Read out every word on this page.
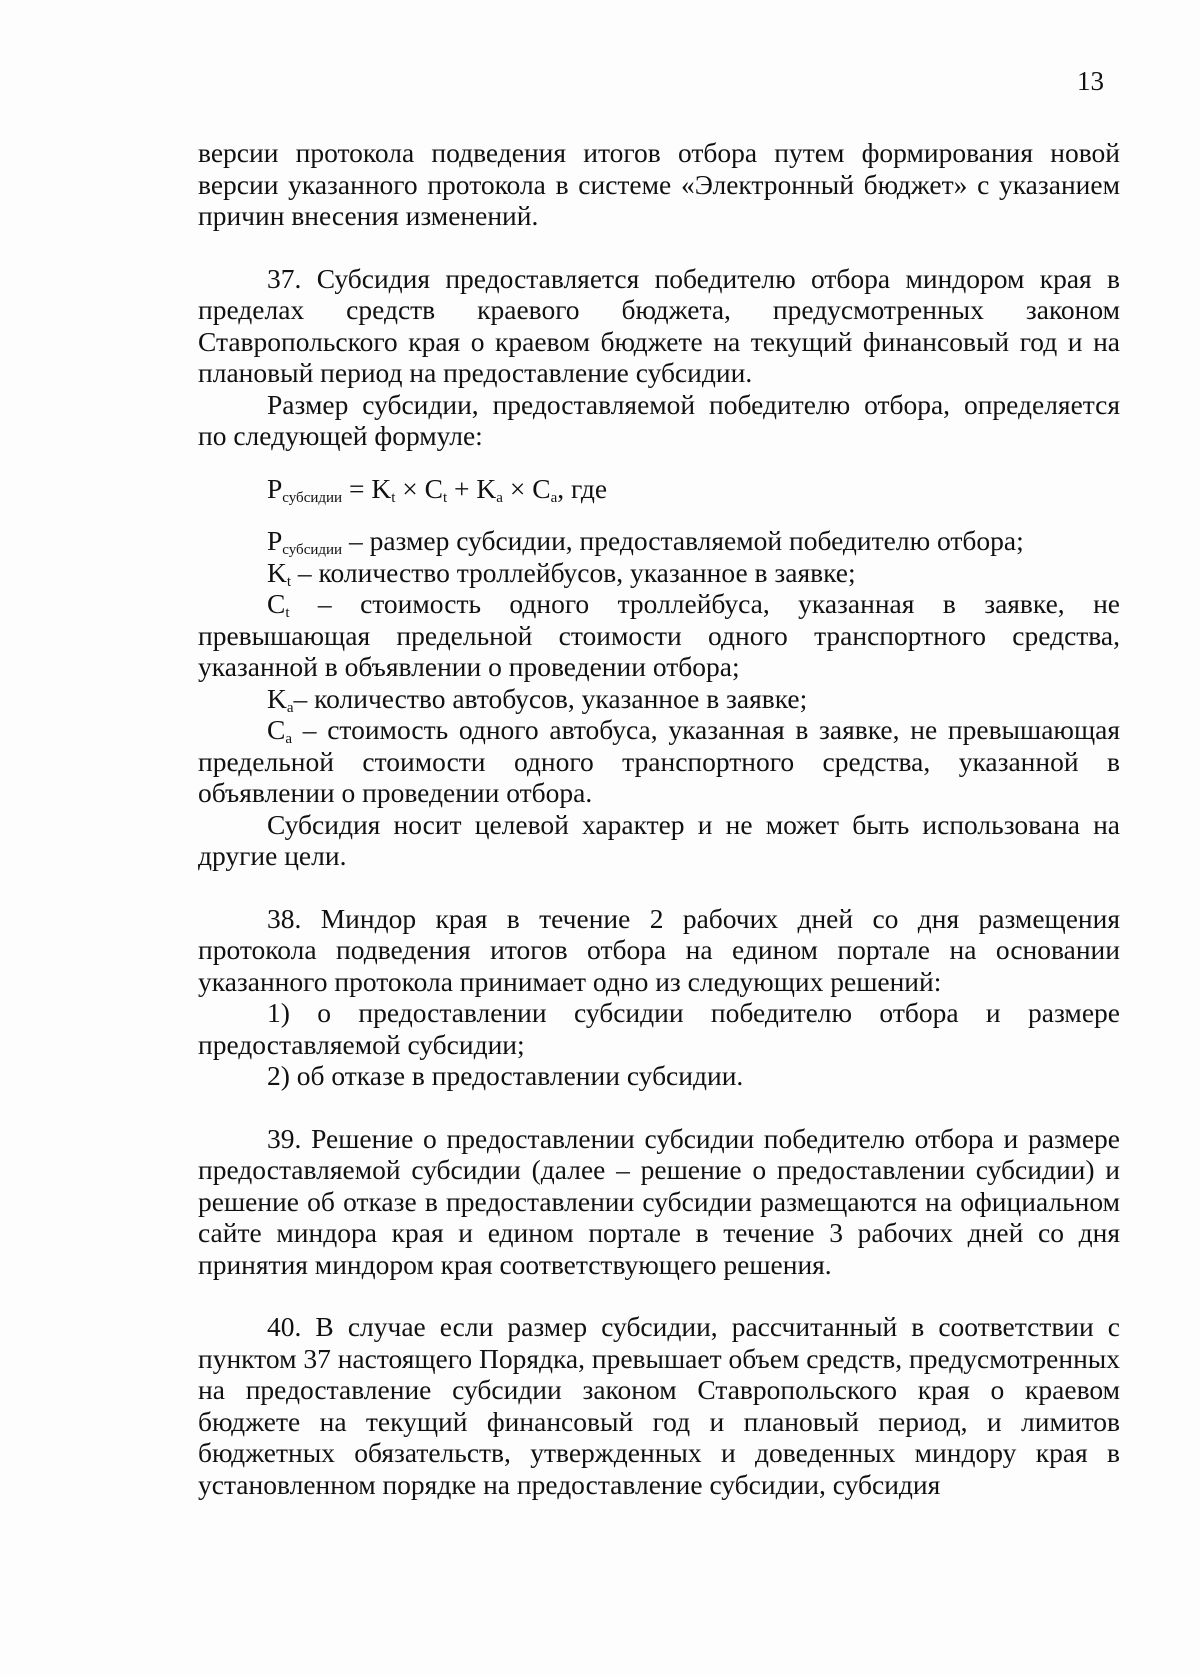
13

версии протокола подведения итогов отбора путем формирования новой версии указанного протокола в системе «Электронный бюджет» с указанием причин внесения изменений.

37. Субсидия предоставляется победителю отбора миндором края в пределах средств краевого бюджета, предусмотренных законом Ставропольского края о краевом бюджете на текущий финансовый год и на плановый период на предоставление субсидии.

Размер субсидии, предоставляемой победителю отбора, определяется по следующей формуле:

$P_{субсидии} = K_t \times C_t + K_a \times C_a$, где

$P_{субсидии}$ – размер субсидии, предоставляемой победителю отбора;

$K_t$ – количество троллейбусов, указанное в заявке;

$C_t$ – стоимость одного троллейбуса, указанная в заявке, не превышающая предельной стоимости одного транспортного средства, указанной в объявлении о проведении отбора;

$K_a-$ количество автобусов, указанное в заявке;

$C_a$ – стоимость одного автобуса, указанная в заявке, не превышающая предельной стоимости одного транспортного средства, указанной в объявлении о проведении отбора.

Субсидия носит целевой характер и не может быть использована на другие цели.

38. Миндор края в течение 2 рабочих дней со дня размещения протокола подведения итогов отбора на едином портале на основании указанного протокола принимает одно из следующих решений:

1) о предоставлении субсидии победителю отбора и размере предоставляемой субсидии;

2) об отказе в предоставлении субсидии.

39. Решение о предоставлении субсидии победителю отбора и размере предоставляемой субсидии (далее – решение о предоставлении субсидии) и решение об отказе в предоставлении субсидии размещаются на официальном сайте миндора края и едином портале в течение 3 рабочих дней со дня принятия миндором края соответствующего решения.

40. В случае если размер субсидии, рассчитанный в соответствии с пунктом 37 настоящего Порядка, превышает объем средств, предусмотренных на предоставление субсидии законом Ставропольского края о краевом бюджете на текущий финансовый год и плановый период, и лимитов бюджетных обязательств, утвержденных и доведенных миндору края в установленном порядке на предоставление субсидии, субсидия
